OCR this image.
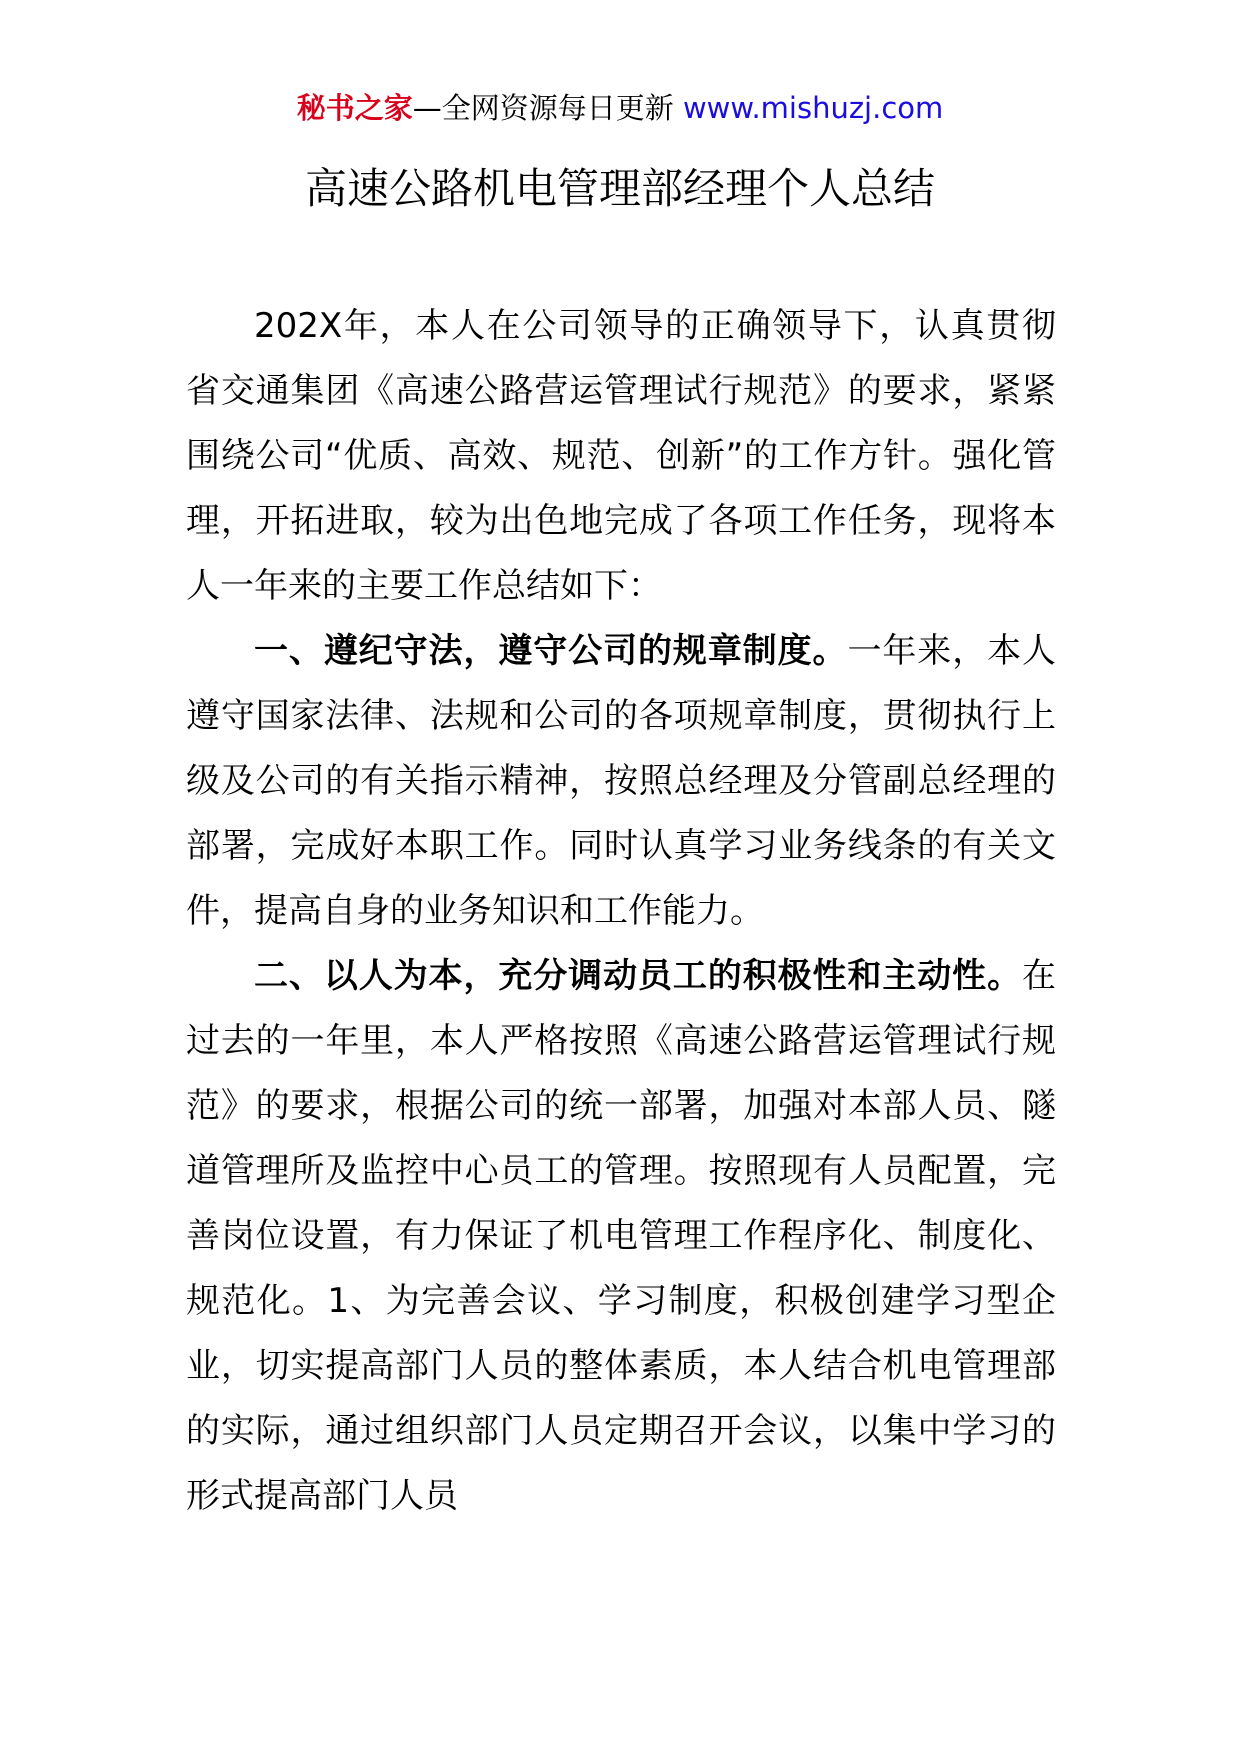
秘书之家—全网资源每日更新 www.mishuzj.com
高速公路机电管理部经理个人总结

202X年，本人在公司领导的正确领导下，认真贯彻省交通集团《高速公路营运管理试行规范》的要求，紧紧围绕公司“优质、高效、规范、创新”的工作方针。强化管理，开拓进取，较为出色地完成了各项工作任务，现将本人一年来的主要工作总结如下：

一、遵纪守法，遵守公司的规章制度。一年来，本人遵守国家法律、法规和公司的各项规章制度，贯彻执行上级及公司的有关指示精神，按照总经理及分管副总经理的部署，完成好本职工作。同时认真学习业务线条的有关文件，提高自身的业务知识和工作能力。

二、以人为本，充分调动员工的积极性和主动性。在过去的一年里，本人严格按照《高速公路营运管理试行规范》的要求，根据公司的统一部署，加强对本部人员、隧道管理所及监控中心员工的管理。按照现有人员配置，完善岗位设置，有力保证了机电管理工作程序化、制度化、规范化。1、为完善会议、学习制度，积极创建学习型企业，切实提高部门人员的整体素质，本人结合机电管理部的实际，通过组织部门人员定期召开会议，以集中学习的形式提高部门人员
